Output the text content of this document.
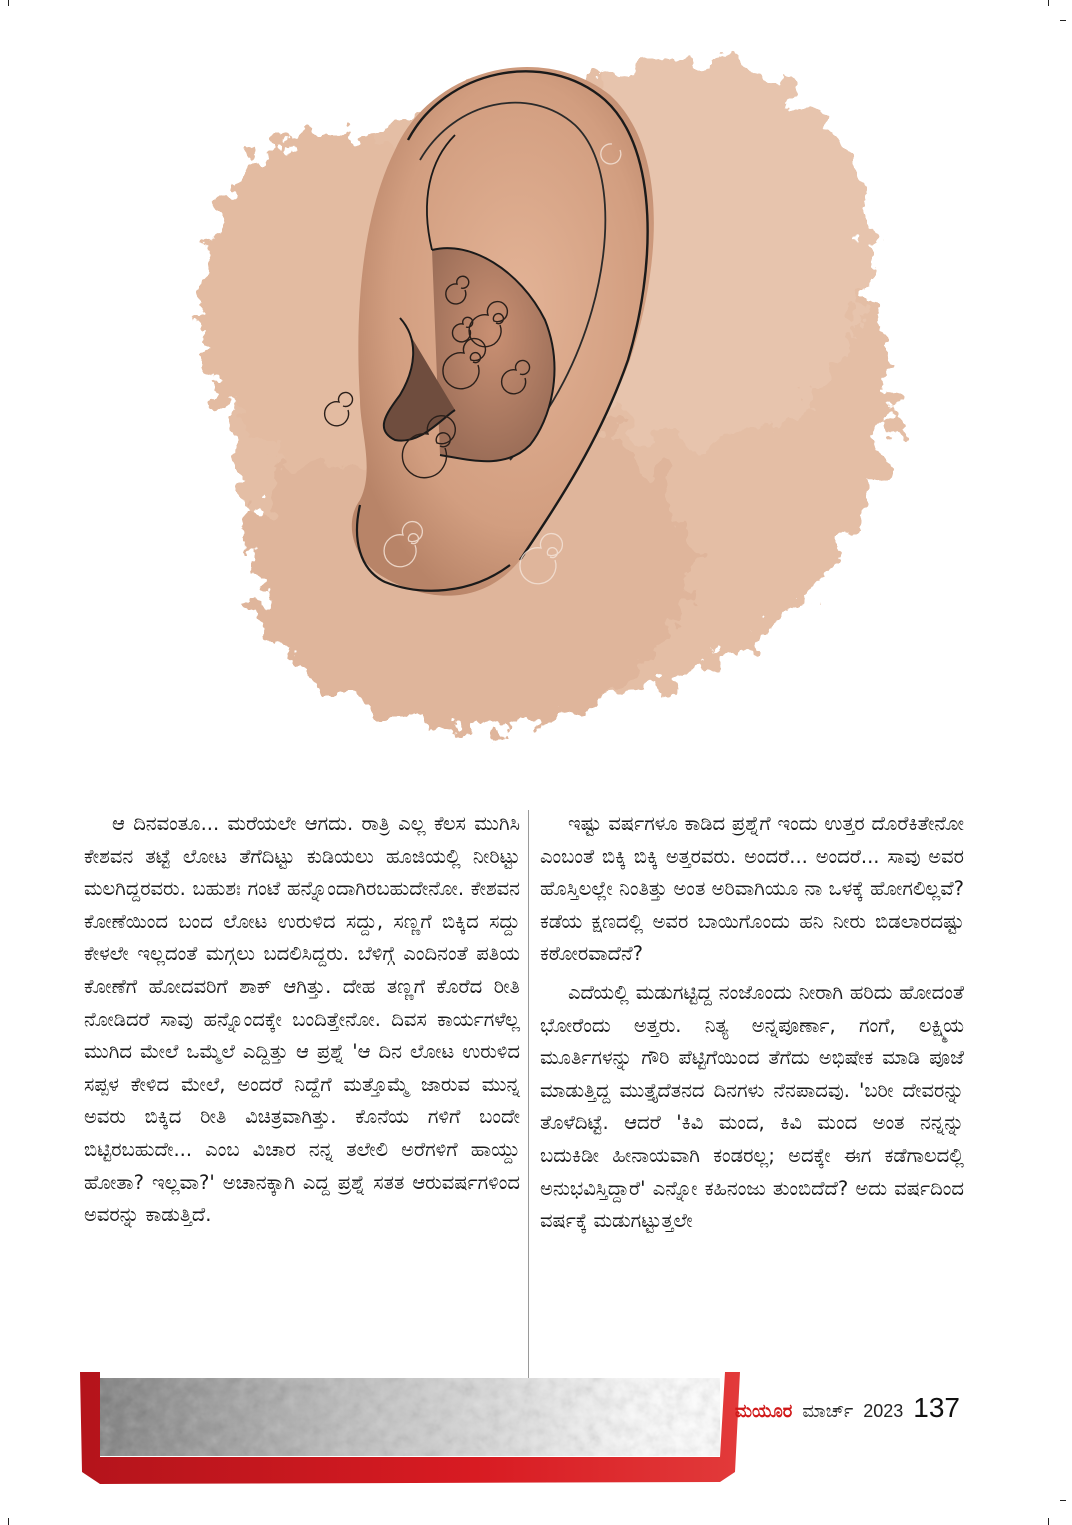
ಆ ದಿನವಂತೂ... ಮರೆಯಲೇ ಆಗದು. ರಾತ್ರಿ ಎಲ್ಲ ಕೆಲಸ ಮುಗಿಸಿ ಕೇಶವನ ತಟ್ಟೆ ಲೋಟ ತೆಗೆದಿಟ್ಟು ಕುಡಿಯಲು ಹೂಜಿಯಲ್ಲಿ ನೀರಿಟ್ಟು ಮಲಗಿದ್ದರವರು. ಬಹುಶಃ ಗಂಟೆ ಹನ್ನೊಂದಾಗಿರಬಹುದೇನೋ. ಕೇಶವನ ಕೋಣೆಯಿಂದ ಬಂದ ಲೋಟ ಉರುಳಿದ ಸದ್ದು, ಸಣ್ಣಗೆ ಬಿಕ್ಕಿದ ಸದ್ದು ಕೇಳಲೇ ಇಲ್ಲದಂತೆ ಮಗ್ಗಲು ಬದಲಿಸಿದ್ದರು. ಬೆಳಿಗ್ಗೆ ಎಂದಿನಂತೆ ಪತಿಯ ಕೋಣೆಗೆ ಹೋದವರಿಗೆ ಶಾಕ್ ಆಗಿತ್ತು. ದೇಹ ತಣ್ಣಗೆ ಕೊರೆದ ರೀತಿ ನೋಡಿದರೆ ಸಾವು ಹನ್ನೊಂದಕ್ಕೇ ಬಂದಿತ್ತೇನೋ. ದಿವಸ ಕಾರ್ಯಗಳೆಲ್ಲ ಮುಗಿದ ಮೇಲೆ ಒಮ್ಮೆಲೆ ಎದ್ದಿತ್ತು ಆ ಪ್ರಶ್ನೆ 'ಆ ದಿನ ಲೋಟ ಉರುಳಿದ ಸಪ್ಪಳ ಕೇಳಿದ ಮೇಲೆ, ಅಂದರೆ ನಿದ್ದೆಗೆ ಮತ್ತೊಮ್ಮೆ ಜಾರುವ ಮುನ್ನ ಅವರು ಬಿಕ್ಕಿದ ರೀತಿ ವಿಚಿತ್ರವಾಗಿತ್ತು. ಕೊನೆಯ ಗಳಿಗೆ ಬಂದೇ ಬಿಟ್ಟಿರಬಹುದೇ... ಎಂಬ ವಿಚಾರ ನನ್ನ ತಲೇಲಿ ಅರೆಗಳಿಗೆ ಹಾಯ್ದು ಹೋತಾ? ಇಲ್ಲವಾ?' ಅಚಾನಕ್ಕಾಗಿ ಎದ್ದ ಪ್ರಶ್ನೆ ಸತತ ಆರುವರ್ಷಗಳಿಂದ ಅವರನ್ನು ಕಾಡುತ್ತಿದೆ.

ಇಷ್ಟು ವರ್ಷಗಳೂ ಕಾಡಿದ ಪ್ರಶ್ನೆಗೆ ಇಂದು ಉತ್ತರ ದೊರೆಕಿತೇನೋ ಎಂಬಂತೆ ಬಿಕ್ಕಿ ಬಿಕ್ಕಿ ಅತ್ತರವರು. ಅಂದರೆ... ಅಂದರೆ... ಸಾವು ಅವರ ಹೊಸ್ತಿಲಲ್ಲೇ ನಿಂತಿತ್ತು ಅಂತ ಅರಿವಾಗಿಯೂ ನಾ ಒಳಕ್ಕೆ ಹೋಗಲಿಲ್ಲವೆ? ಕಡೆಯ ಕ್ಷಣದಲ್ಲಿ ಅವರ ಬಾಯಿಗೊಂದು ಹನಿ ನೀರು ಬಿಡಲಾರದಷ್ಟು ಕಠೋರವಾದೆನೆ?

ಎದೆಯಲ್ಲಿ ಮಡುಗಟ್ಟಿದ್ದ ನಂಜೊಂದು ನೀರಾಗಿ ಹರಿದು ಹೋದಂತೆ ಭೋರೆಂದು ಅತ್ತರು. ನಿತ್ಯ ಅನ್ನಪೂರ್ಣಾ, ಗಂಗೆ, ಲಕ್ಷ್ಮಿಯ ಮೂರ್ತಿಗಳನ್ನು ಗೌರಿ ಪೆಟ್ಟಿಗೆಯಿಂದ ತೆಗೆದು ಅಭಿಷೇಕ ಮಾಡಿ ಪೂಜೆ ಮಾಡುತ್ತಿದ್ದ ಮುತ್ತೈದೆತನದ ದಿನಗಳು ನೆನಪಾದವು. 'ಬರೀ ದೇವರನ್ನು ತೊಳೆದಿಟ್ಟೆ. ಆದರೆ 'ಕಿವಿ ಮಂದ, ಕಿವಿ ಮಂದ ಅಂತ ನನ್ನನ್ನು ಬದುಕಿಡೀ ಹೀನಾಯವಾಗಿ ಕಂಡರಲ್ಲ; ಅದಕ್ಕೇ ಈಗ ಕಡೆಗಾಲದಲ್ಲಿ ಅನುಭವಿಸ್ತಿದ್ದಾರೆ' ಎನ್ನೋ ಕಹಿನಂಜು ತುಂಬಿದೆದೆ? ಅದು ವರ್ಷದಿಂದ ವರ್ಷಕ್ಕೆ ಮಡುಗಟ್ಟುತ್ತಲೇ

ಮಯೂರ ಮಾರ್ಚ್ 2023 137
